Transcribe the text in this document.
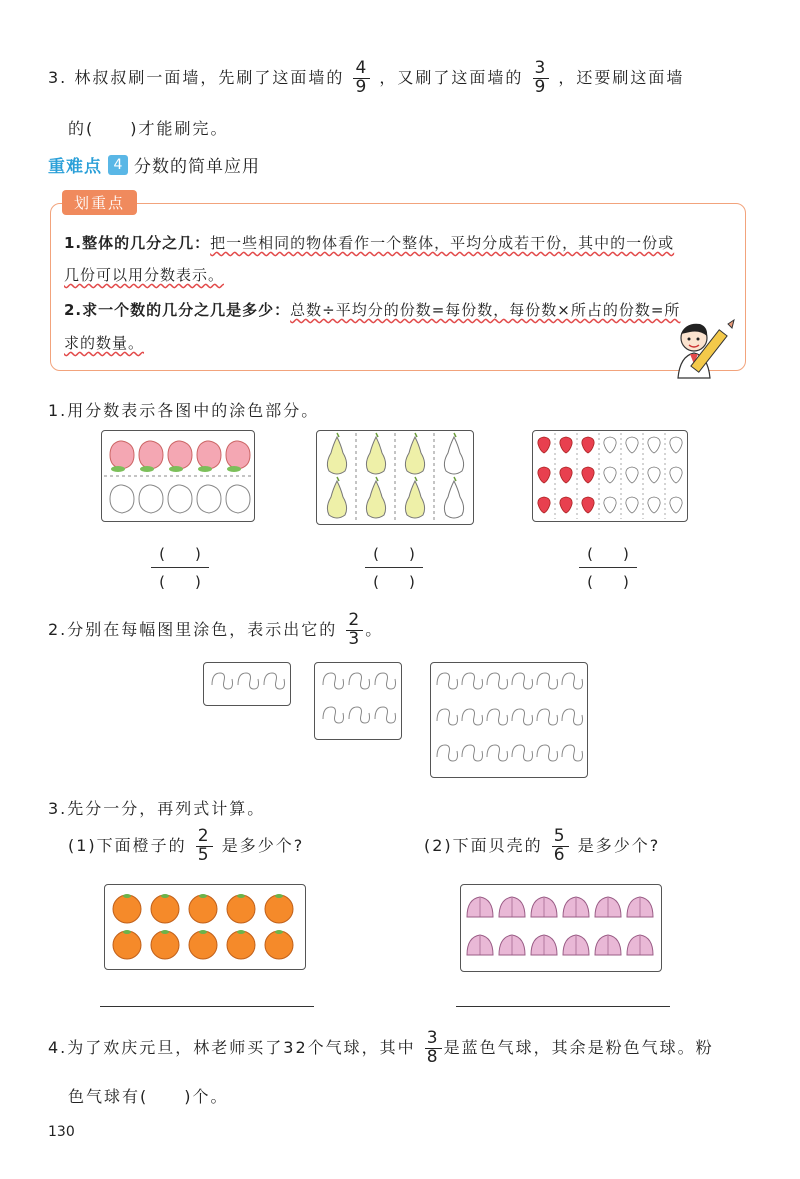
3. 林叔叔刷一面墙，先刷了这面墙的 $\frac{4}{9}$ ，又刷了这面墙的 $\frac{3}{9}$ ，还要刷这面墙
的(　　)才能刷完。
重难点 4 分数的简单应用
划重点
1.整体的几分之几：把一些相同的物体看作一个整体，平均分成若干份，其中的一份或
几份可以用分数表示。
2.求一个数的几分之几是多少：总数÷平均分的份数=每份数，每份数×所占的份数=所
求的数量。
1.用分数表示各图中的涂色部分。
(　　)
(　　)
(　　)
(　　)
(　　)
(　　)
2.分别在每幅图里涂色，表示出它的 $\frac{2}{3}$ 。
3.先分一分，再列式计算。
(1)下面橙子的 $\frac{2}{5}$ 是多少个?	(2)下面贝壳的 $\frac{5}{6}$ 是多少个?
4.为了欢庆元旦，林老师买了32个气球，其中 $\frac{3}{8}$ 是蓝色气球，其余是粉色气球。粉
色气球有(　　)个。
130
